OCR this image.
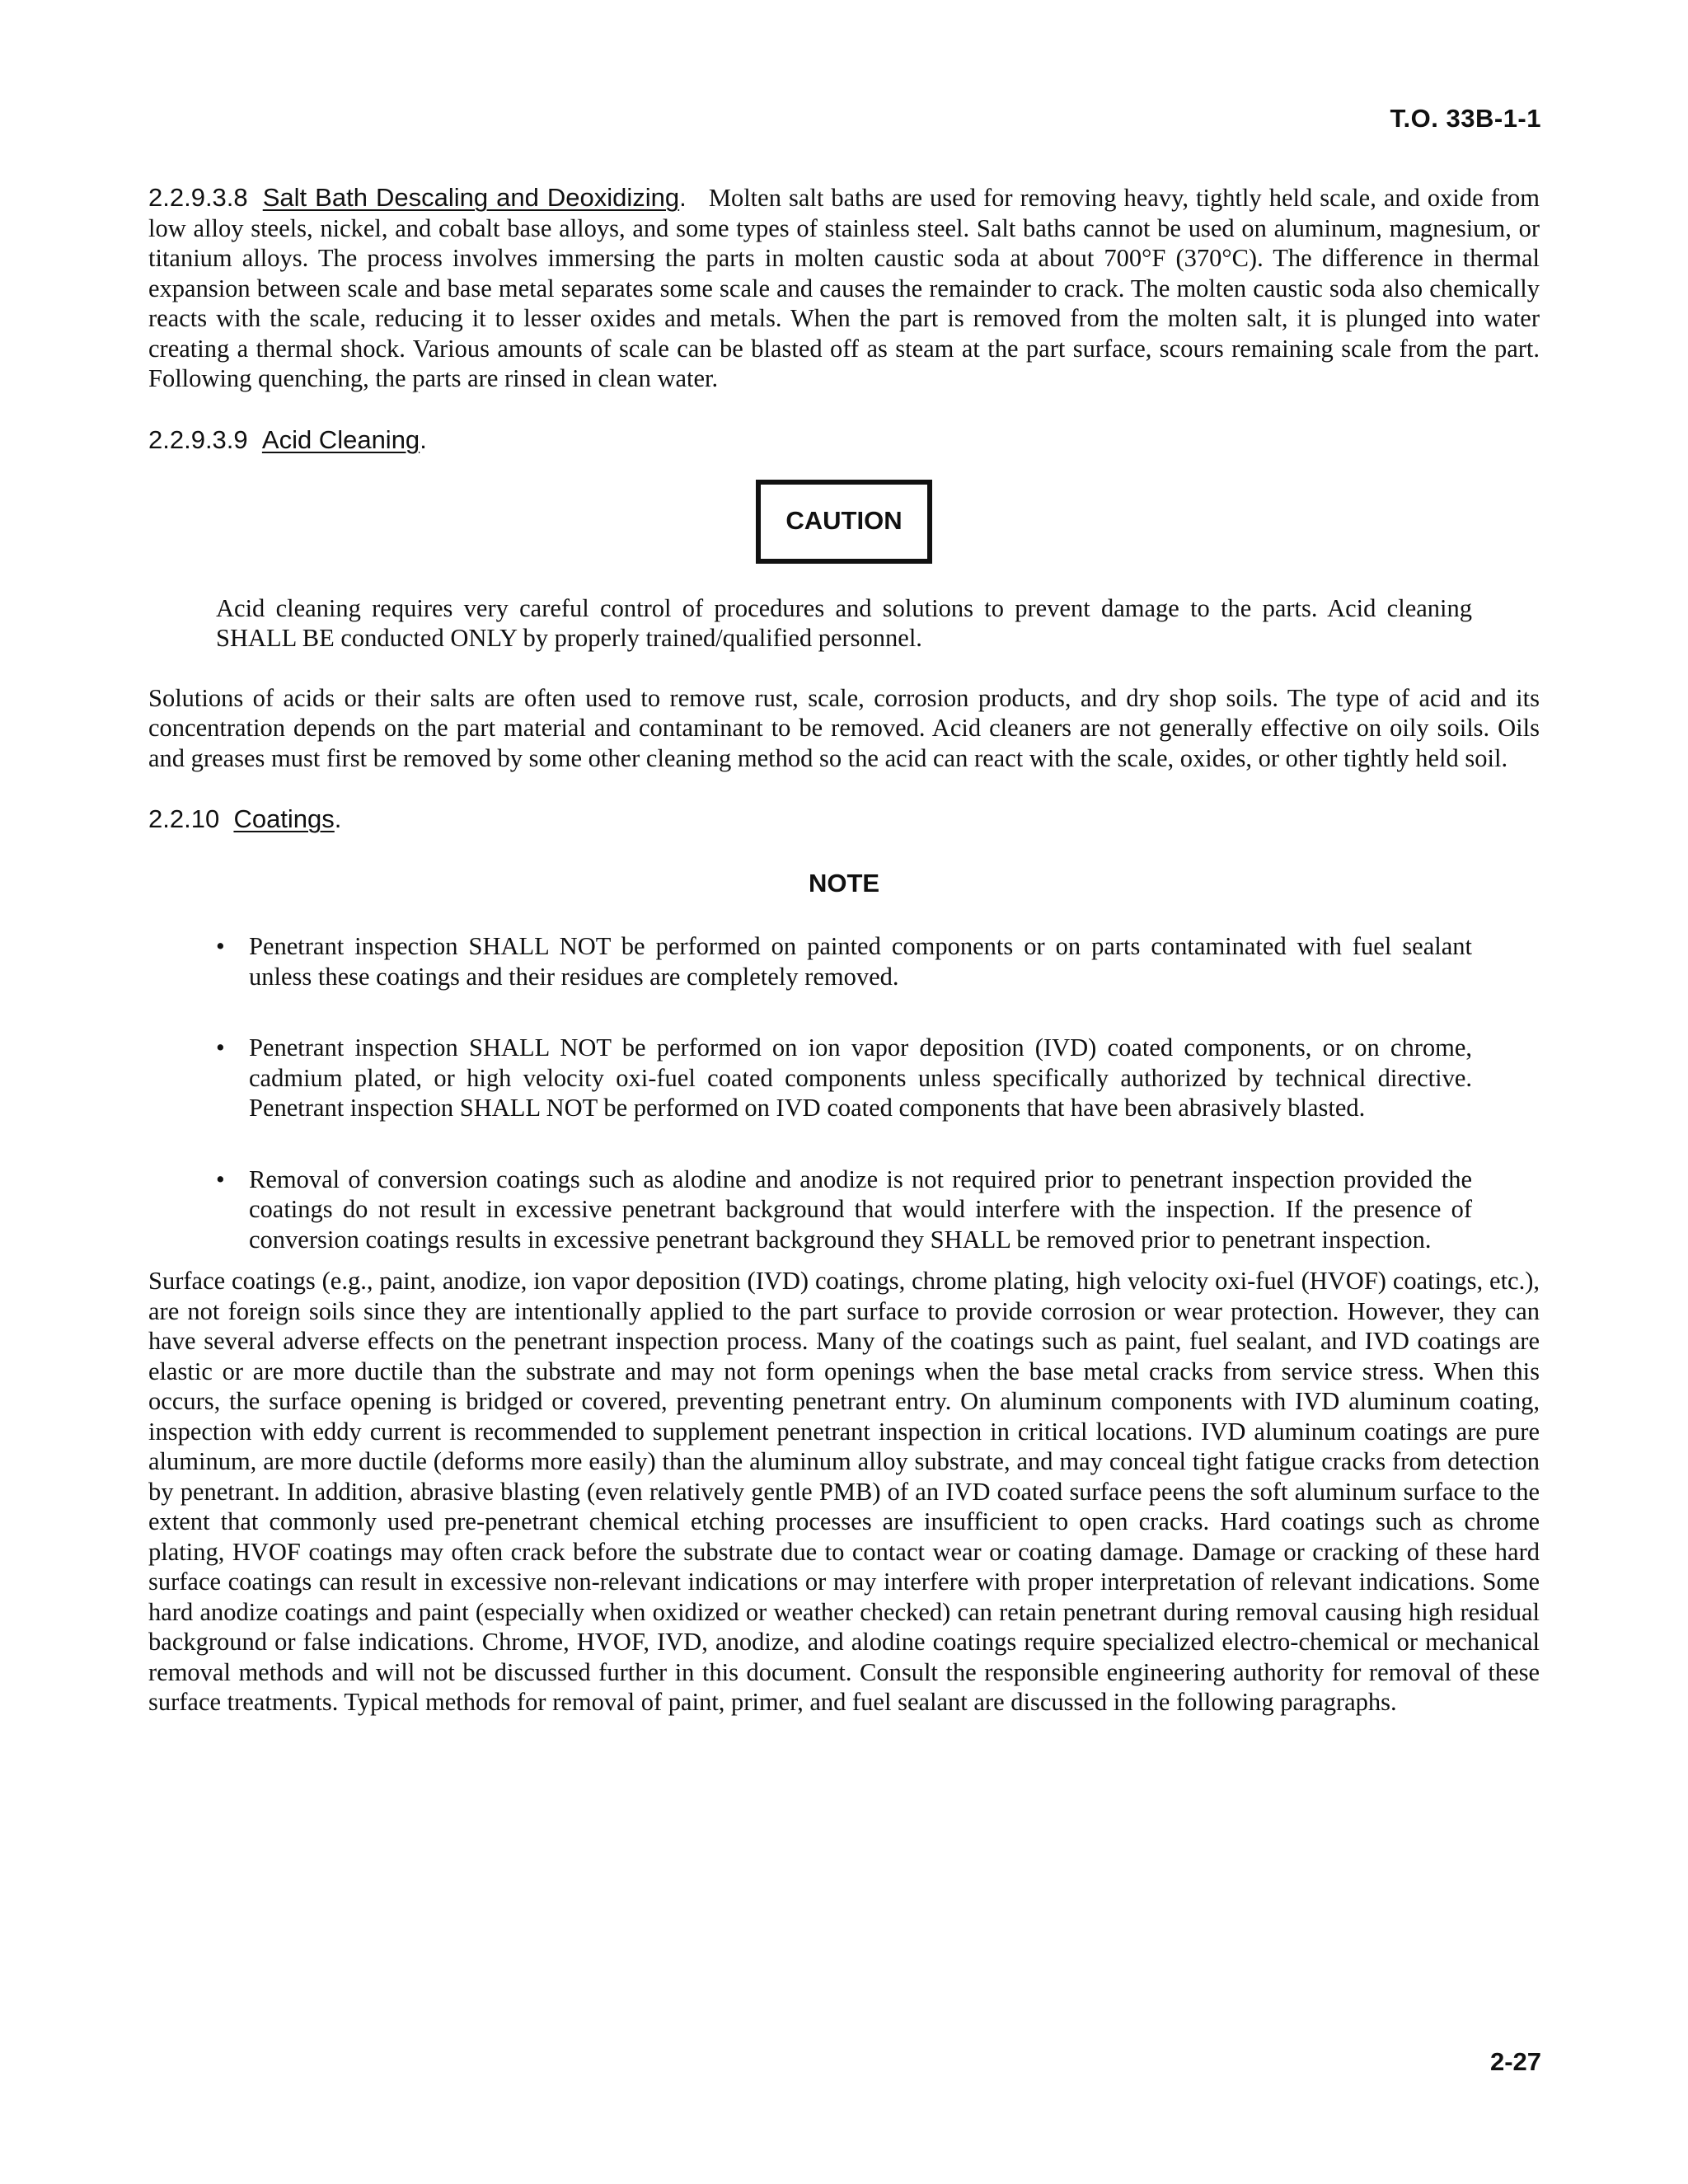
T.O. 33B-1-1

2.2.9.3.8 Salt Bath Descaling and Deoxidizing. Molten salt baths are used for removing heavy, tightly held scale, and oxide from low alloy steels, nickel, and cobalt base alloys, and some types of stainless steel. Salt baths cannot be used on aluminum, magnesium, or titanium alloys. The process involves immersing the parts in molten caustic soda at about 700°F (370°C). The difference in thermal expansion between scale and base metal separates some scale and causes the remainder to crack. The molten caustic soda also chemically reacts with the scale, reducing it to lesser oxides and metals. When the part is removed from the molten salt, it is plunged into water creating a thermal shock. Various amounts of scale can be blasted off as steam at the part surface, scours remaining scale from the part. Following quenching, the parts are rinsed in clean water.

2.2.9.3.9 Acid Cleaning.

CAUTION

Acid cleaning requires very careful control of procedures and solutions to prevent damage to the parts. Acid cleaning SHALL BE conducted ONLY by properly trained/qualified personnel.

Solutions of acids or their salts are often used to remove rust, scale, corrosion products, and dry shop soils. The type of acid and its concentration depends on the part material and contaminant to be removed. Acid cleaners are not generally effective on oily soils. Oils and greases must first be removed by some other cleaning method so the acid can react with the scale, oxides, or other tightly held soil.

2.2.10 Coatings.

NOTE
• Penetrant inspection SHALL NOT be performed on painted components or on parts contaminated with fuel sealant unless these coatings and their residues are completely removed.
• Penetrant inspection SHALL NOT be performed on ion vapor deposition (IVD) coated components, or on chrome, cadmium plated, or high velocity oxi-fuel coated components unless specifically authorized by technical directive. Penetrant inspection SHALL NOT be performed on IVD coated components that have been abrasively blasted.
• Removal of conversion coatings such as alodine and anodize is not required prior to penetrant inspection provided the coatings do not result in excessive penetrant background that would interfere with the inspection. If the presence of conversion coatings results in excessive penetrant background they SHALL be removed prior to penetrant inspection.

Surface coatings (e.g., paint, anodize, ion vapor deposition (IVD) coatings, chrome plating, high velocity oxi-fuel (HVOF) coatings, etc.), are not foreign soils since they are intentionally applied to the part surface to provide corrosion or wear protection. However, they can have several adverse effects on the penetrant inspection process. Many of the coatings such as paint, fuel sealant, and IVD coatings are elastic or are more ductile than the substrate and may not form openings when the base metal cracks from service stress. When this occurs, the surface opening is bridged or covered, preventing penetrant entry. On aluminum components with IVD aluminum coating, inspection with eddy current is recommended to supplement penetrant inspection in critical locations. IVD aluminum coatings are pure aluminum, are more ductile (deforms more easily) than the aluminum alloy substrate, and may conceal tight fatigue cracks from detection by penetrant. In addition, abrasive blasting (even relatively gentle PMB) of an IVD coated surface peens the soft aluminum surface to the extent that commonly used pre-penetrant chemical etching processes are insufficient to open cracks. Hard coatings such as chrome plating, HVOF coatings may often crack before the substrate due to contact wear or coating damage. Damage or cracking of these hard surface coatings can result in excessive non-relevant indications or may interfere with proper interpretation of relevant indications. Some hard anodize coatings and paint (especially when oxidized or weather checked) can retain penetrant during removal causing high residual background or false indications. Chrome, HVOF, IVD, anodize, and alodine coatings require specialized electro-chemical or mechanical removal methods and will not be discussed further in this document. Consult the responsible engineering authority for removal of these surface treatments. Typical methods for removal of paint, primer, and fuel sealant are discussed in the following paragraphs.

2-27
